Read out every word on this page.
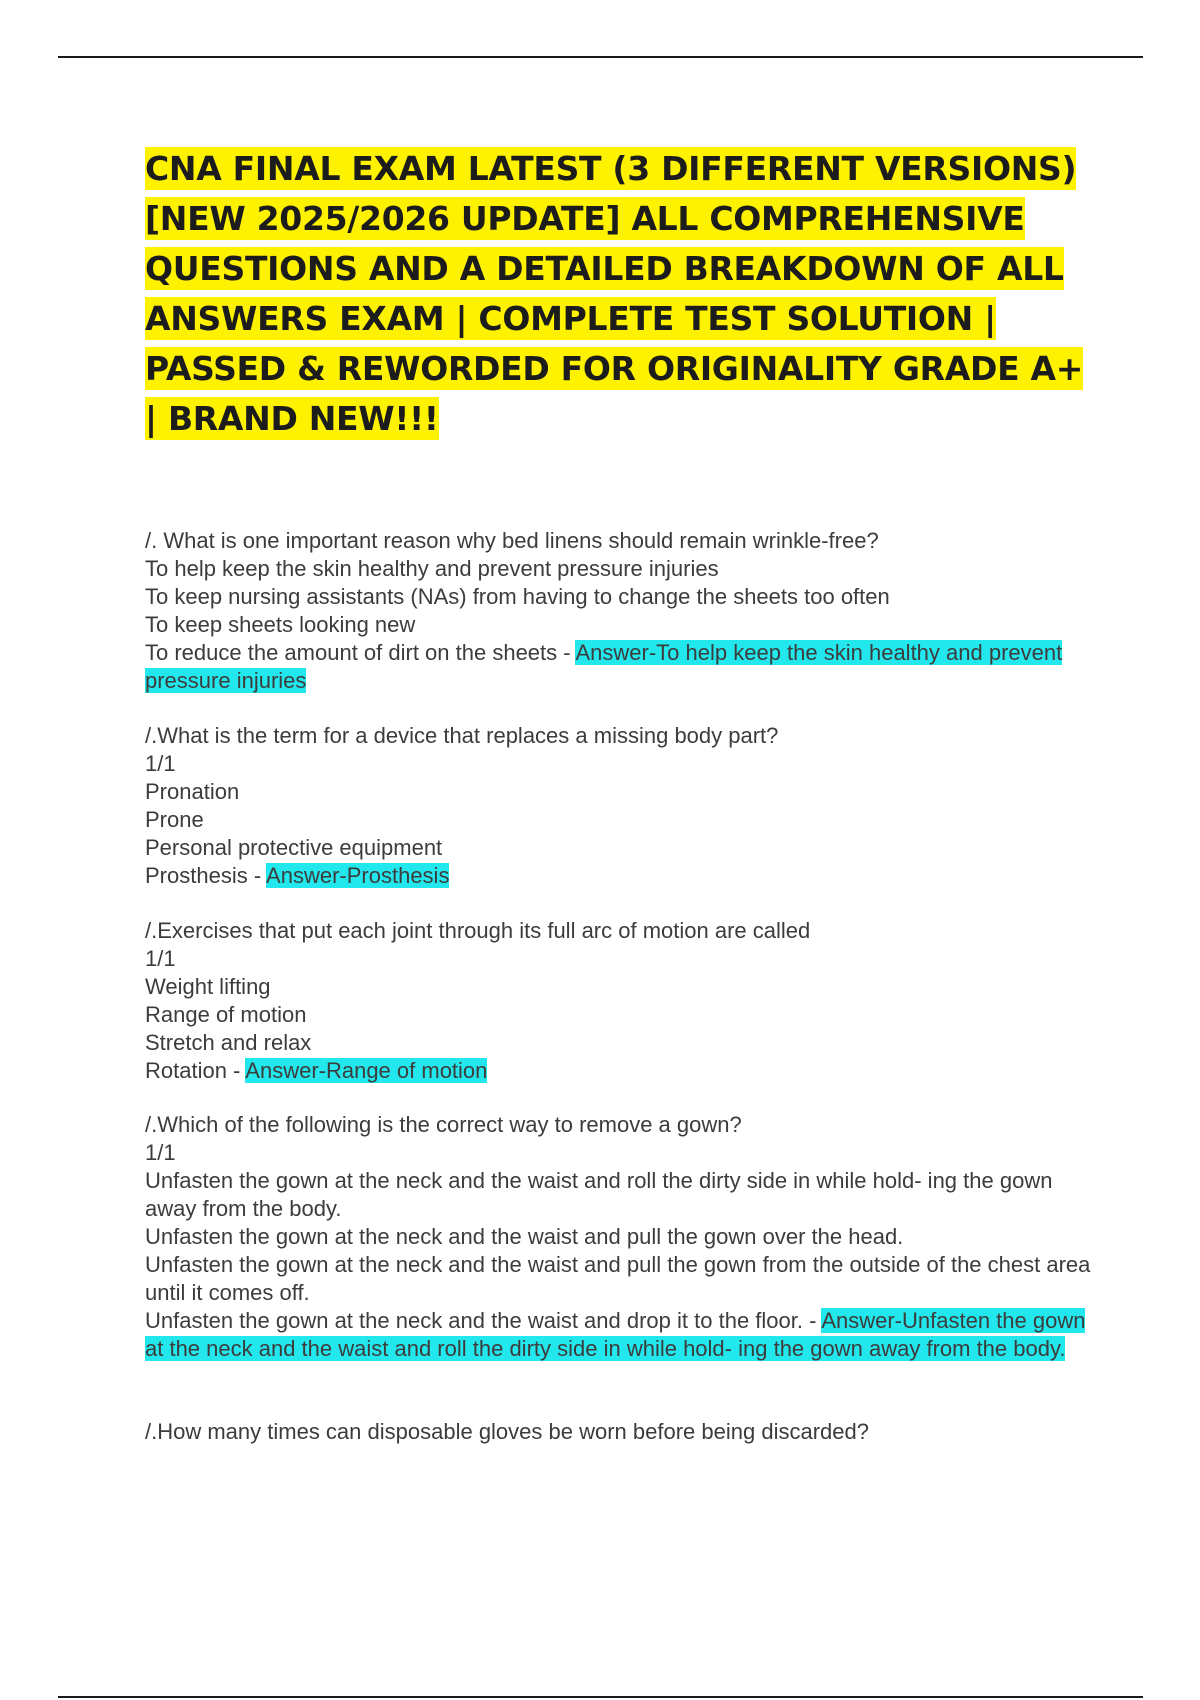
CNA FINAL EXAM LATEST (3 DIFFERENT VERSIONS) [NEW 2025/2026 UPDATE] ALL COMPREHENSIVE QUESTIONS AND A DETAILED BREAKDOWN OF ALL ANSWERS EXAM | COMPLETE TEST SOLUTION | PASSED & REWORDED FOR ORIGINALITY GRADE A+ | BRAND NEW!!!
/. What is one important reason why bed linens should remain wrinkle-free?
To help keep the skin healthy and prevent pressure injuries
To keep nursing assistants (NAs) from having to change the sheets too often
To keep sheets looking new
To reduce the amount of dirt on the sheets - Answer-To help keep the skin healthy and prevent pressure injuries
/.What is the term for a device that replaces a missing body part?
1/1
Pronation
Prone
Personal protective equipment
Prosthesis - Answer-Prosthesis
/.Exercises that put each joint through its full arc of motion are called
1/1
Weight lifting
Range of motion
Stretch and relax
Rotation - Answer-Range of motion
/.Which of the following is the correct way to remove a gown?
1/1
Unfasten the gown at the neck and the waist and roll the dirty side in while hold- ing the gown away from the body.
Unfasten the gown at the neck and the waist and pull the gown over the head.
Unfasten the gown at the neck and the waist and pull the gown from the outside of the chest area until it comes off.
Unfasten the gown at the neck and the waist and drop it to the floor. - Answer-Unfasten the gown at the neck and the waist and roll the dirty side in while hold- ing the gown away from the body.
/.How many times can disposable gloves be worn before being discarded?
